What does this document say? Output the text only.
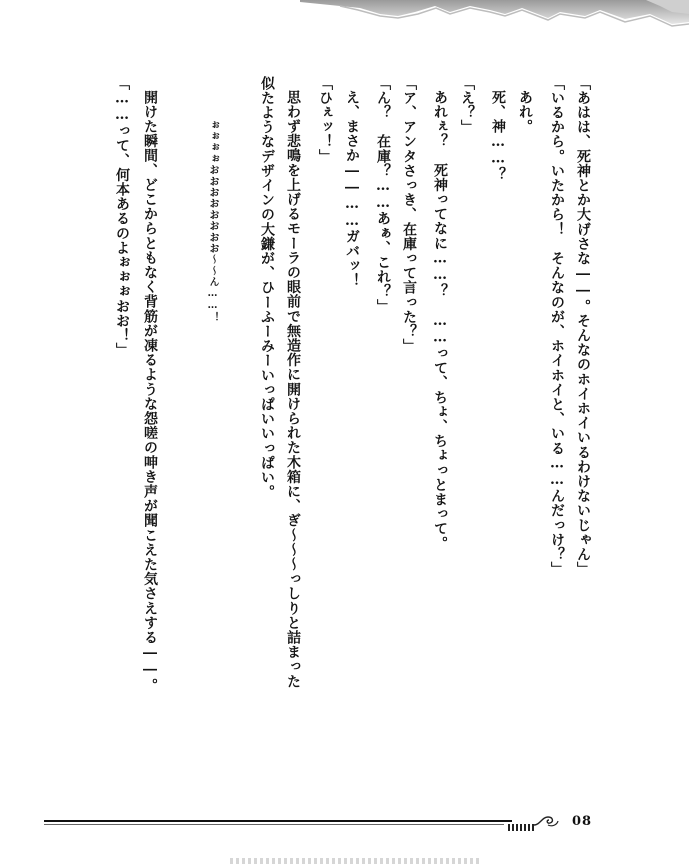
「あはは、死神とか大げさな――。そんなのホイホイいるわけないじゃん」

「いるから。いたから！　そんなのが、ホイホイと、いる……んだっけ？」

あれ。

死、神……？

「え？」

あれぇ？　死神ってなに……？　……って、ちょ、ちょっとまって。

「ア、アンタさっき、在庫って言った？」

「ん？　在庫？……あぁ、これ？」

え、まさか――……ガバッ！

「ひぇッ！」

思わず悲鳴を上げるモーラの眼前で無造作に開けられた木箱に、ぎ〜〜〜っしりと詰まった

似たようなデザインの大鎌が、ひーふーみーいっぱいいっぱい。

ぉぉぉぉおおおおおおおお〜〜ん……！

開けた瞬間、どこからともなく背筋が凍るような怨嗟の呻き声が聞こえた気さえする――。

「……って、何本あるのよぉぉぉおお！」

08
